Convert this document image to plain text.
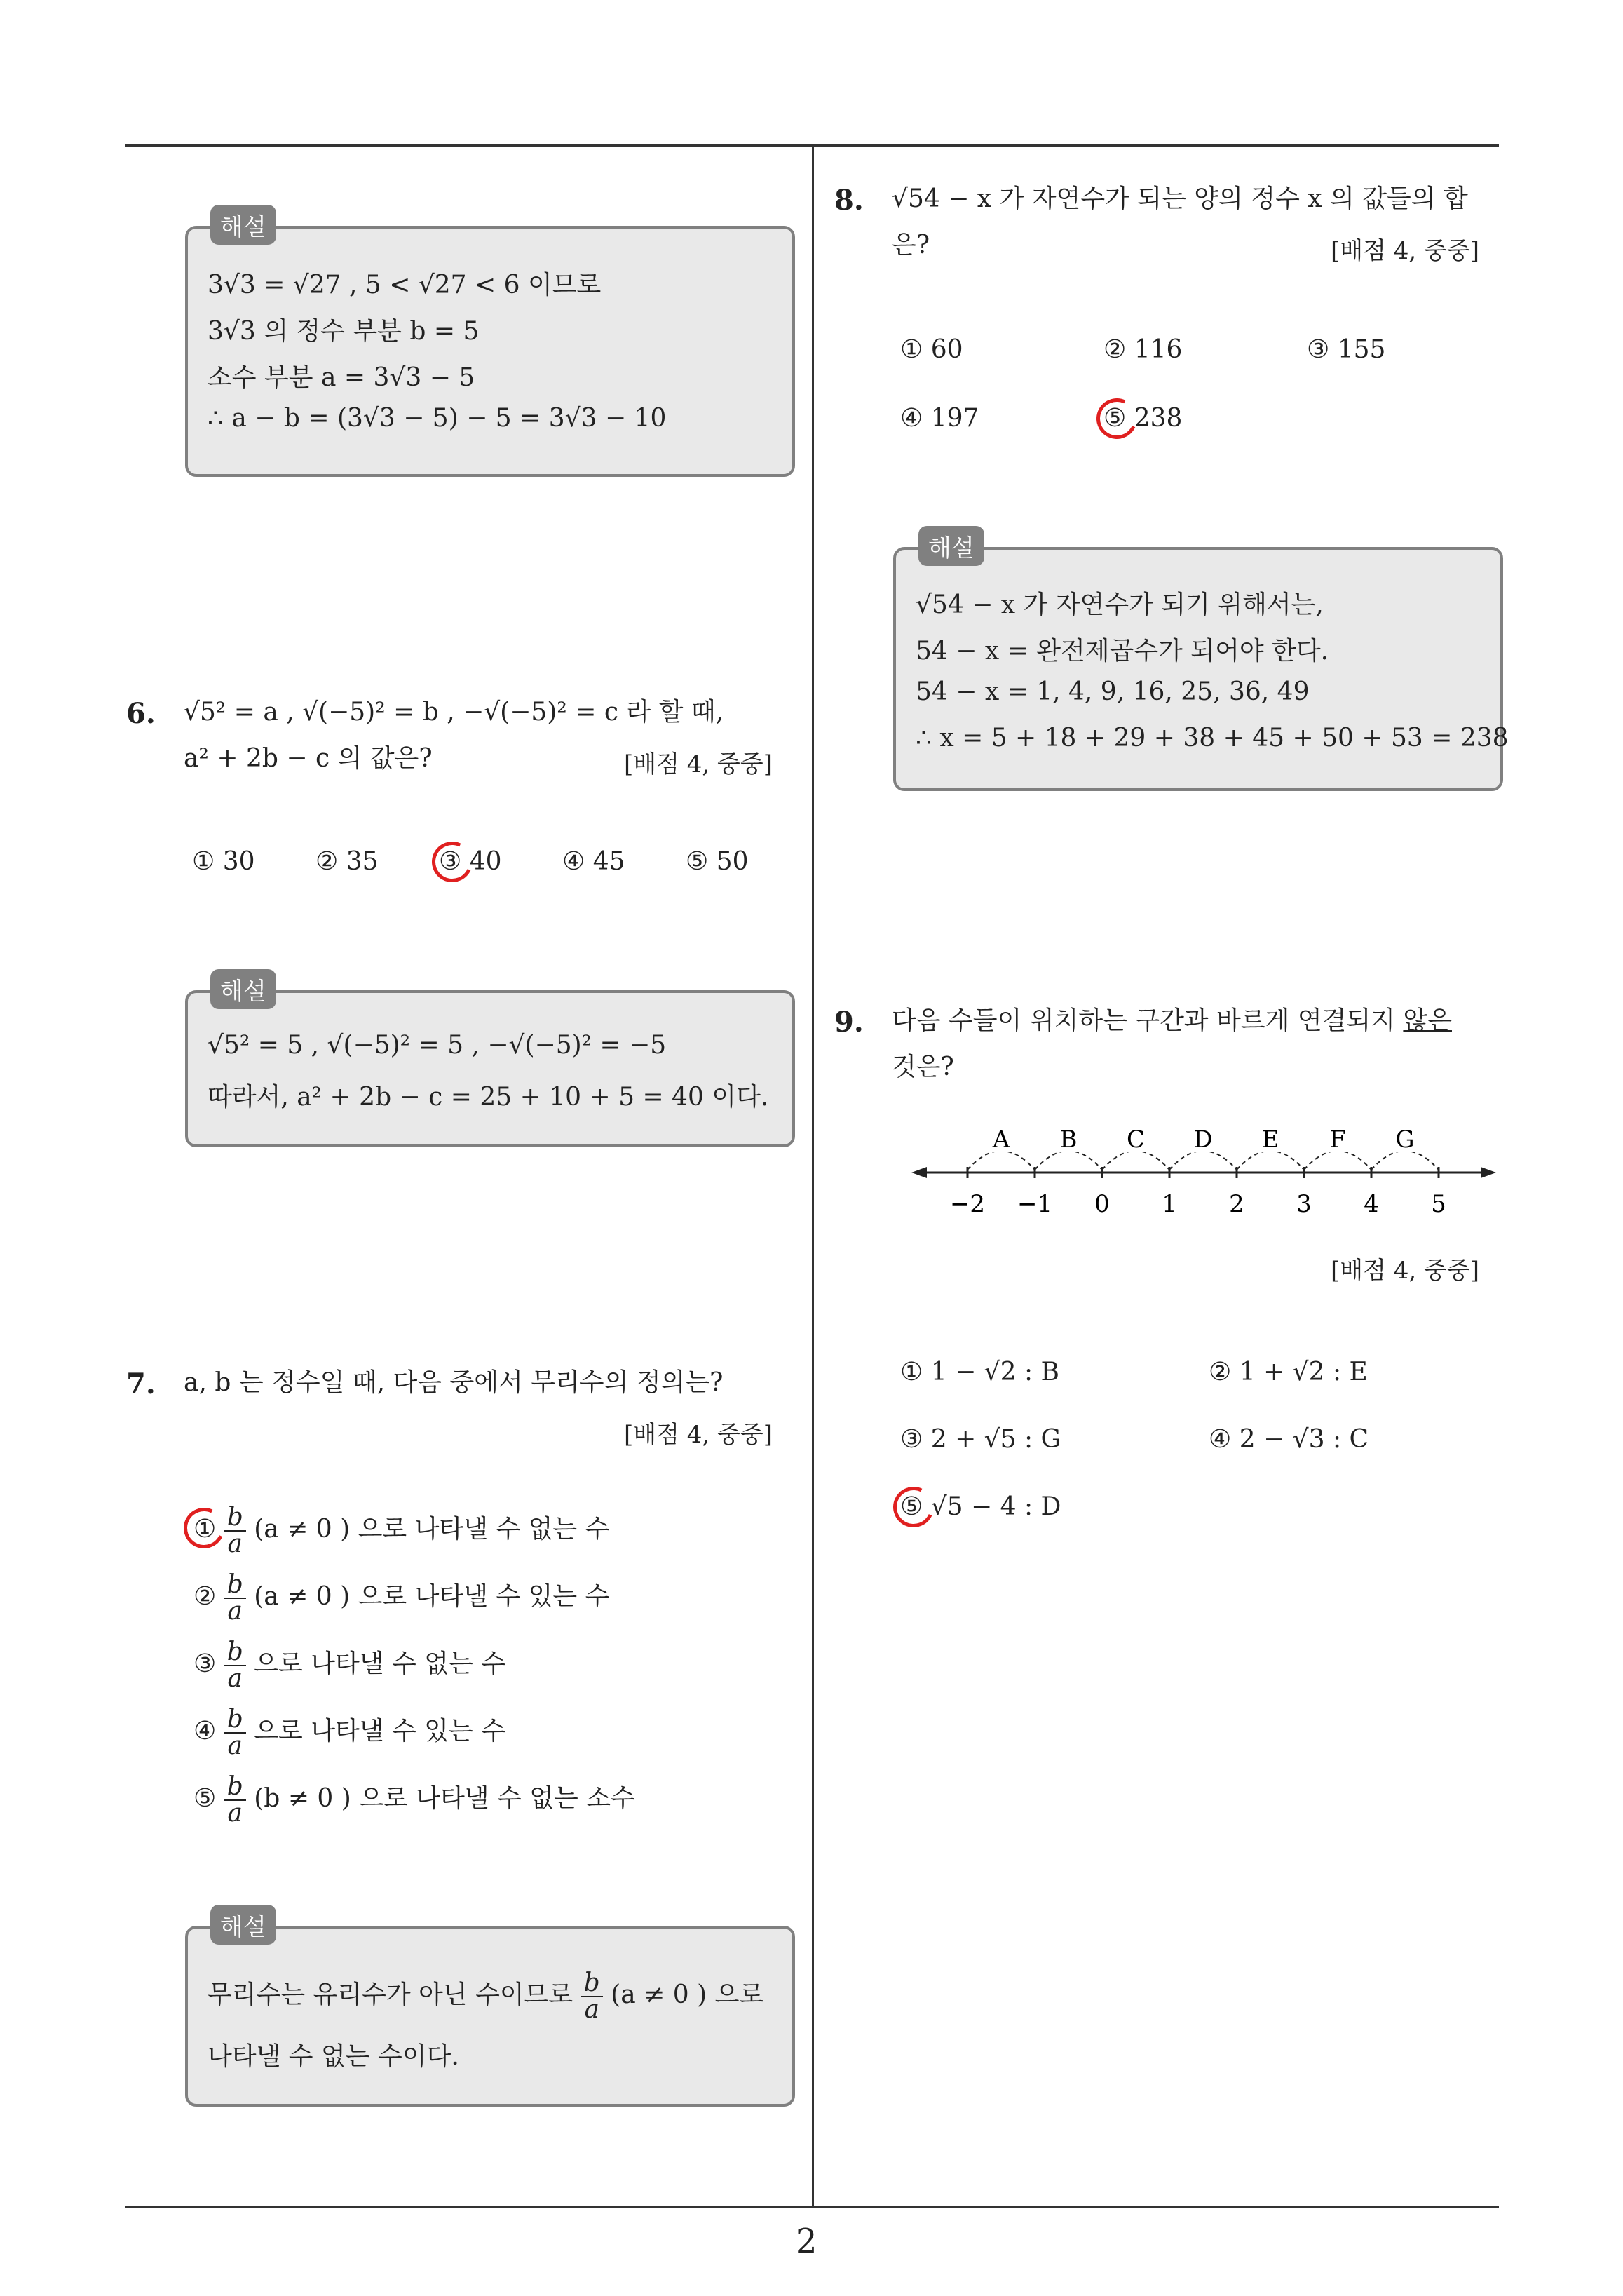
해설
3√3 = √27 , 5 < √27 < 6 이므로
3√3 의 정수 부분 b = 5
소수 부분 a = 3√3 − 5
∴ a − b = (3√3 − 5) − 5 = 3√3 − 10
6. √5² = a , √(−5)² = b , −√(−5)² = c 라 할 때,
a² + 2b − c 의 값은?	[배점 4, 중중]
① 30 ② 35 ③ 40 ④ 45 ⑤ 50
해설
√5² = 5 , √(−5)² = 5 , −√(−5)² = −5
따라서, a² + 2b − c = 25 + 10 + 5 = 40 이다.
7. a, b 는 정수일 때, 다음 중에서 무리수의 정의는?
[배점 4, 중중]
① $\frac{b}{a} (a \ne 0$ ) 으로 나타낼 수 없는 수
② $\frac{b}{a} (a \ne 0$ ) 으로 나타낼 수 있는 수
③ $\frac{b}{a}$ 으로 나타낼 수 없는 수
④ $\frac{b}{a}$ 으로 나타낼 수 있는 수
⑤ $\frac{b}{a} (b \ne 0$ ) 으로 나타낼 수 없는 소수
해설
무리수는 유리수가 아닌 수이므로 $\frac{b}{a} (a \ne 0$ ) 으로
나타낼 수 없는 수이다.
8. √54 − x 가 자연수가 되는 양의 정수 x 의 값들의 합
은?	[배점 4, 중중]
① 60	② 116	③ 155
④ 197	⑤ 238
해설
√54 − x 가 자연수가 되기 위해서는,
54 − x = 완전제곱수가 되어야 한다.
54 − x = 1, 4, 9, 16, 25, 36, 49
∴ x = 5 + 18 + 29 + 38 + 45 + 50 + 53 = 238
9. 다음 수들이 위치하는 구간과 바르게 연결되지 않은
것은?
−2 −1 0 1 2 3 4 5
A B C D E F G
[배점 4, 중중]
① 1 − √2 : B	② 1 + √2 : E
③ 2 + √5 : G	④ 2 − √3 : C
⑤ √5 − 4 : D
2
